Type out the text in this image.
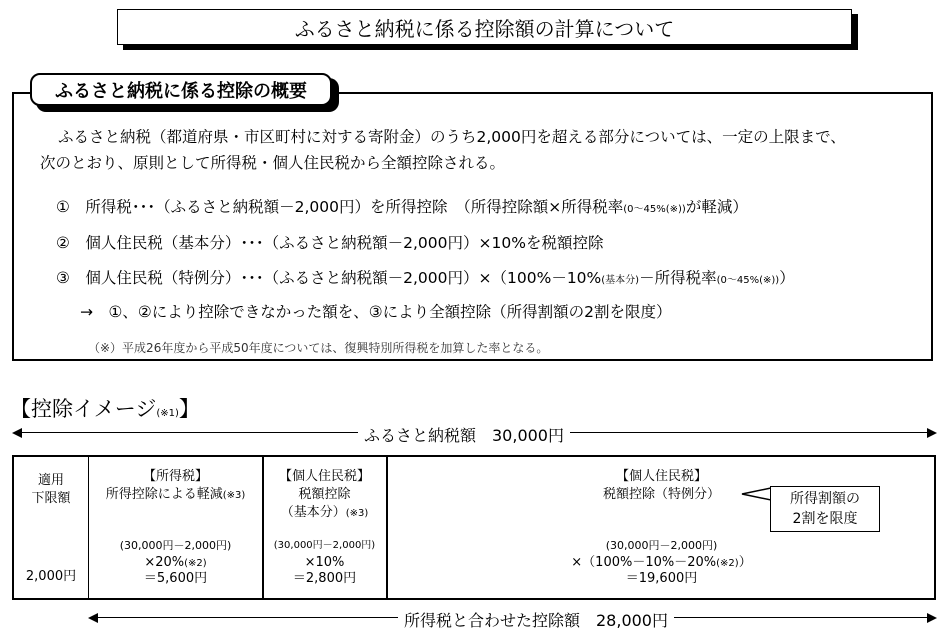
ふるさと納税に係る控除額の計算について
ふるさと納税に係る控除の概要
ふるさと納税（都道府県・市区町村に対する寄附金）のうち2,000円を超える部分については、一定の上限まで、
次のとおり、原則として所得税・個人住民税から全額控除される。
①　所得税･･･（ふるさと納税額－2,000円）を所得控除　（所得控除額×所得税率(0～45%(※))が軽減）
②　個人住民税（基本分）･･･（ふるさと納税額－2,000円）×10%を税額控除
③　個人住民税（特例分）･･･（ふるさと納税額－2,000円）×（100%－10%(基本分)－所得税率(0～45%(※))）
→　①、②により控除できなかった額を、③により全額控除（所得割額の2割を限度）
（※）平成26年度から平成50年度については、復興特別所得税を加算した率となる。
【控除イメージ(※1)】
ふるさと納税額　30,000円
適用
下限額
2,000円
【所得税】
所得控除による軽減(※3)
(30,000円－2,000円)
×20%(※2)
＝5,600円
【個人住民税】
税額控除
（基本分）(※3)
(30,000円－2,000円)
×10%
＝2,800円
【個人住民税】
税額控除（特例分）	所得割額の
2割を限度
(30,000円－2,000円)
×（100%－10%－20%(※2)）
＝19,600円
所得税と合わせた控除額　28,000円
